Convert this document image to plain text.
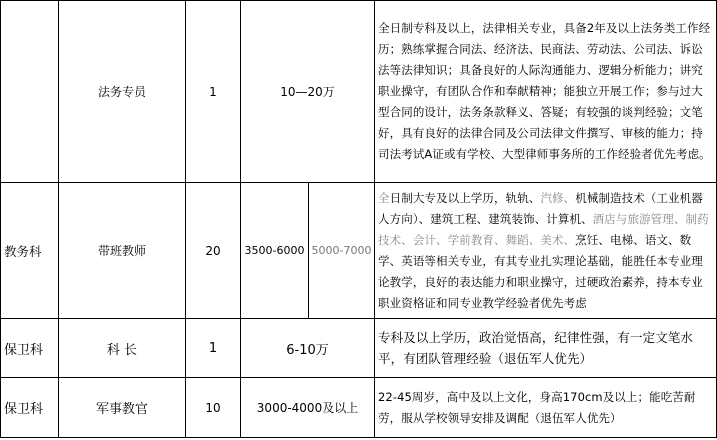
	法务专员	1	10—20万		全日制专科及以上，法律相关专业，具备2年及以上法务类工作经历；熟练掌握合同法、经济法、民商法、劳动法、公司法、诉讼法等法律知识；具备良好的人际沟通能力、逻辑分析能力；讲究职业操守，有团队合作和奉献精神；能独立开展工作；参与过大型合同的设计，法务条款释义、答疑；有较强的谈判经验；文笔好，具有良好的法律合同及公司法律文件撰写、审核的能力；持司法考试A证或有学校、大型律师事务所的工作经验者优先考虑。
教务科	带班教师	20	3500-6000	5000-7000	全日制大专及以上学历，轨轨、汽修、机械制造技术（工业机器人方向）、建筑工程、建筑装饰、计算机、酒店与旅游管理、制药技术、会计、学前教育、舞蹈、美术、烹饪、电梯、语文、数学、英语等相关专业，有其专业扎实理论基础，能胜任本专业理论教学，良好的表达能力和职业操守，过硬政治素养，持本专业职业资格证和同专业教学经验者优先考虑
保卫科	科 长	1	6-10万		专科及以上学历，政治觉悟高，纪律性强，有一定文笔水平，有团队管理经验（退伍军人优先）
保卫科	军事教官	10	3000-4000及以上		22-45周岁，高中及以上文化，身高170cm及以上；能吃苦耐劳，服从学校领导安排及调配（退伍军人优先）
